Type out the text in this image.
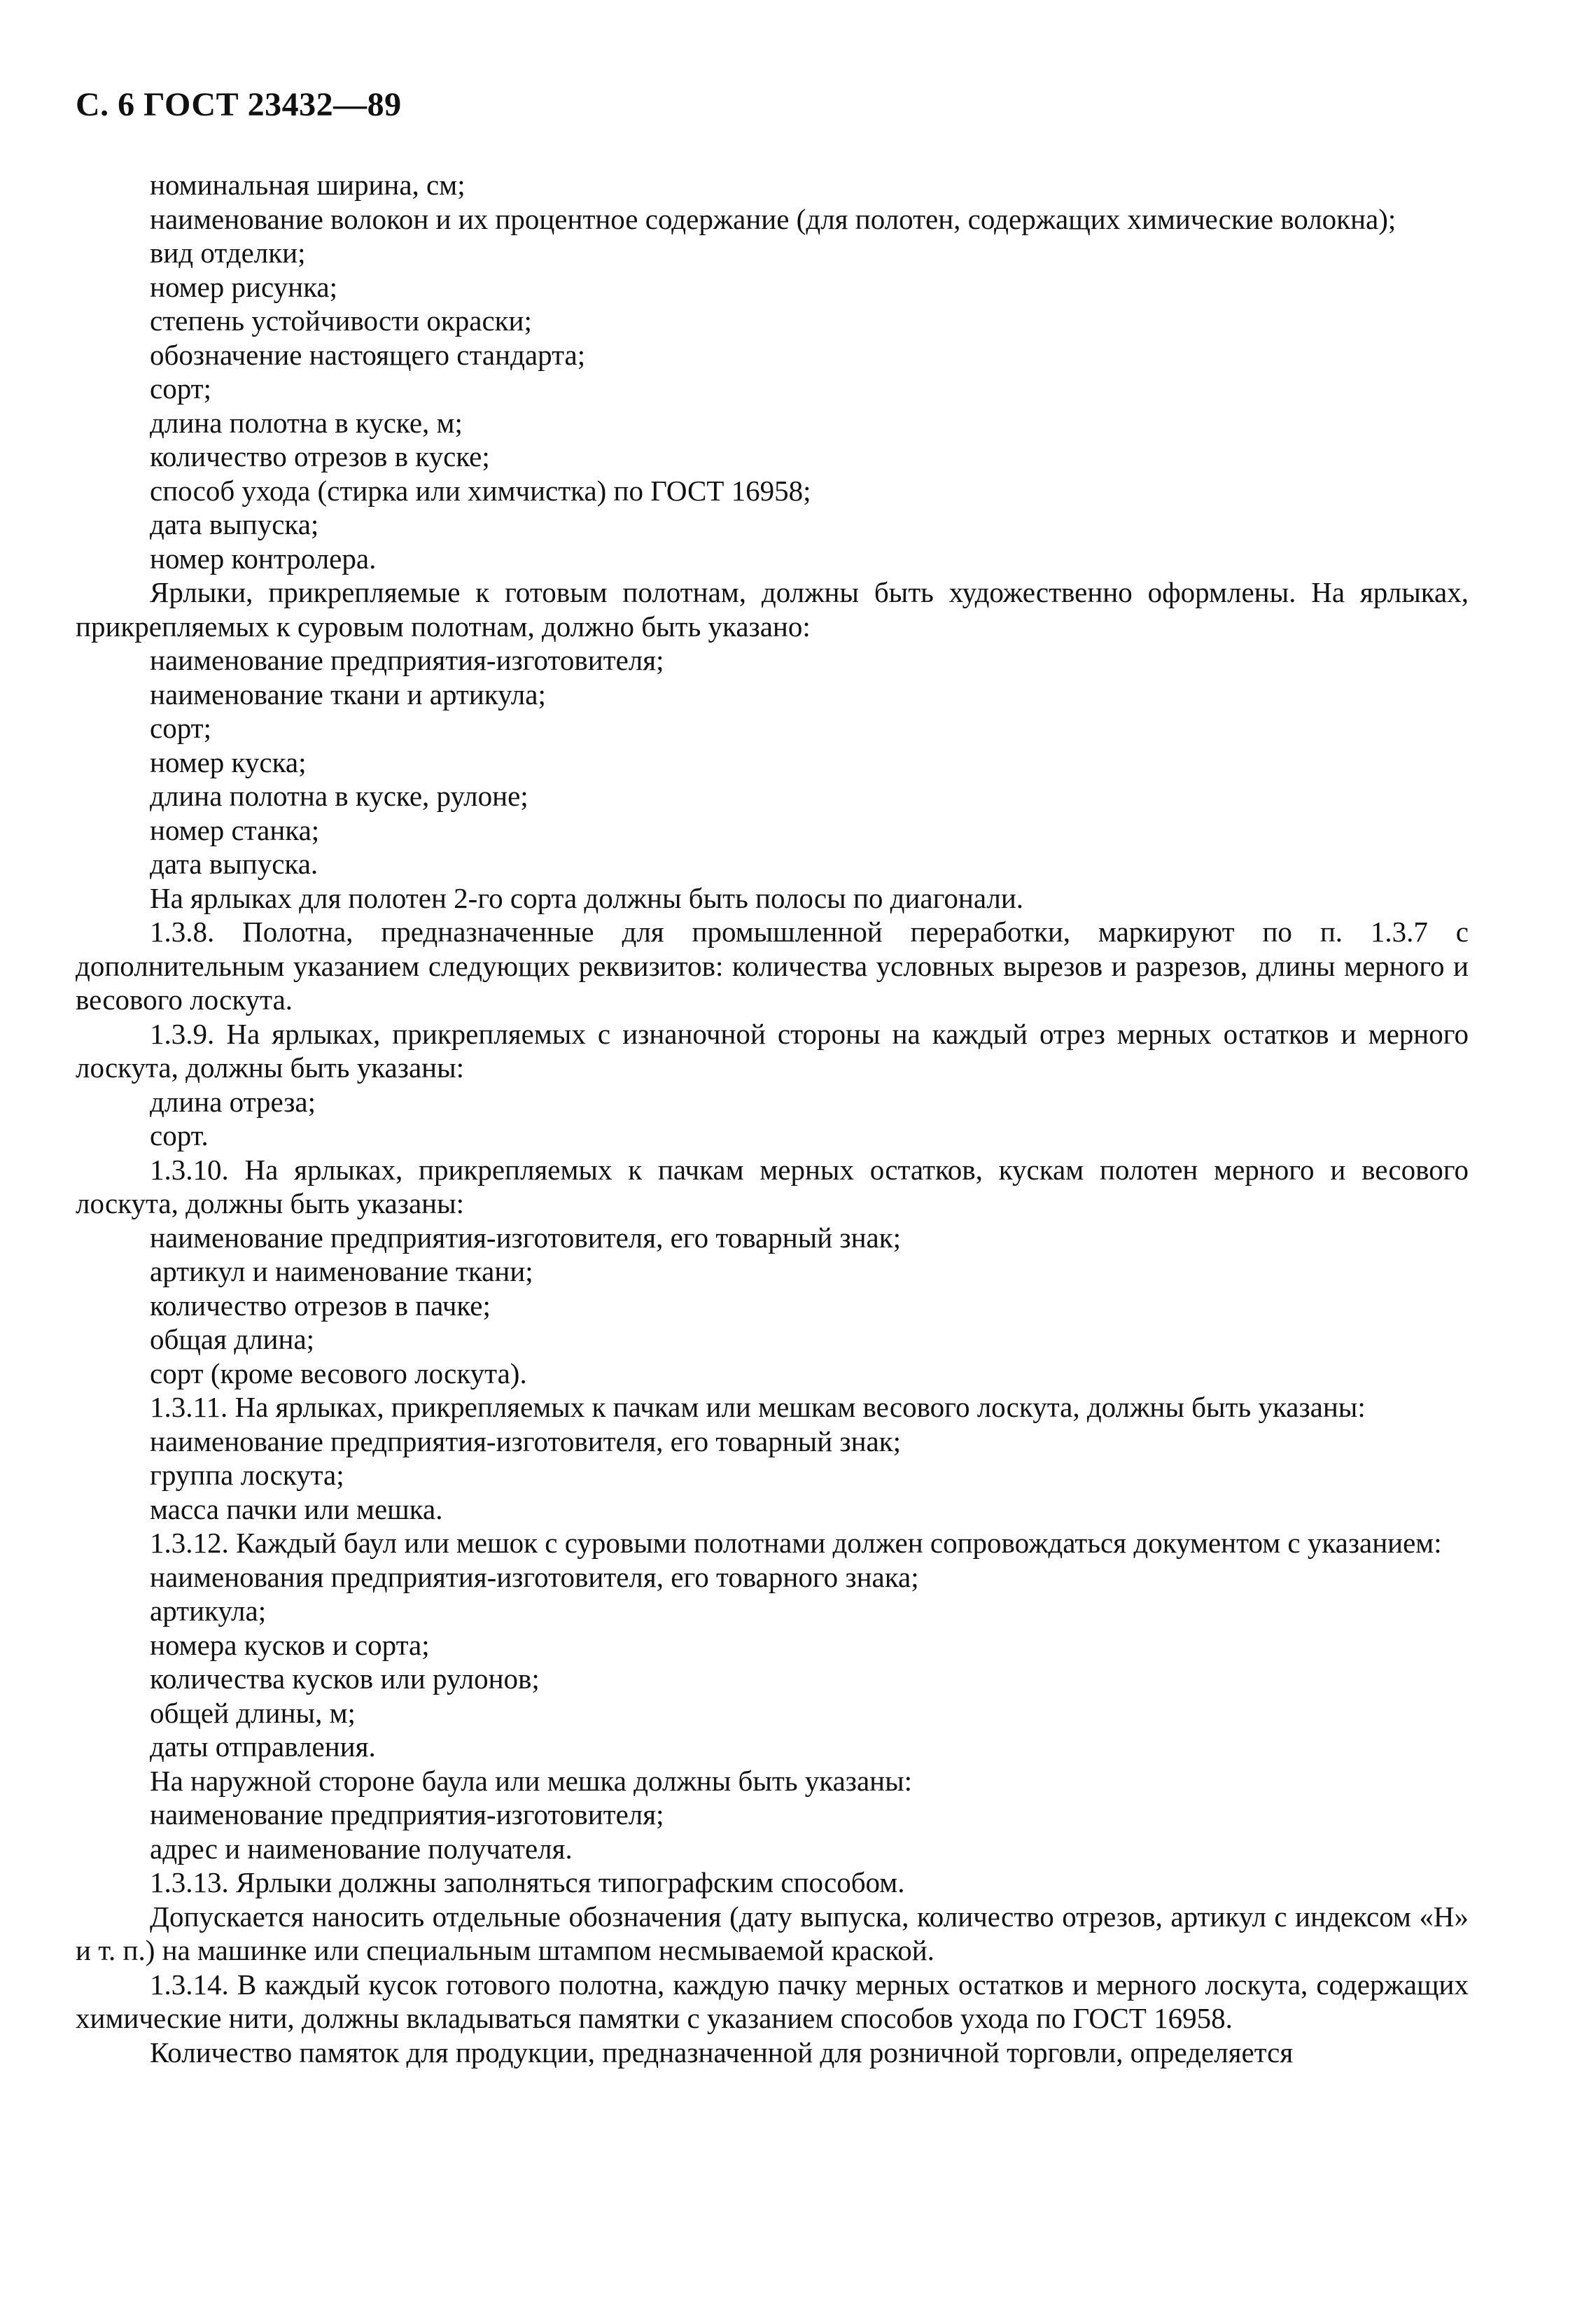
С. 6 ГОСТ 23432—89

номинальная ширина, см;

наименование волокон и их процентное содержание (для полотен, содержащих химические волокна);

вид отделки;

номер рисунка;

степень устойчивости окраски;

обозначение настоящего стандарта;

сорт;

длина полотна в куске, м;

количество отрезов в куске;

способ ухода (стирка или химчистка) по ГОСТ 16958;

дата выпуска;

номер контролера.

Ярлыки, прикрепляемые к готовым полотнам, должны быть художественно оформлены. На ярлыках, прикрепляемых к суровым полотнам, должно быть указано:

наименование предприятия-изготовителя;

наименование ткани и артикула;

сорт;

номер куска;

длина полотна в куске, рулоне;

номер станка;

дата выпуска.

На ярлыках для полотен 2-го сорта должны быть полосы по диагонали.

1.3.8. Полотна, предназначенные для промышленной переработки, маркируют по п. 1.3.7 с дополнительным указанием следующих реквизитов: количества условных вырезов и разрезов, длины мерного и весового лоскута.

1.3.9. На ярлыках, прикрепляемых с изнаночной стороны на каждый отрез мерных остатков и мерного лоскута, должны быть указаны:

длина отреза;

сорт.

1.3.10. На ярлыках, прикрепляемых к пачкам мерных остатков, кускам полотен мерного и весового лоскута, должны быть указаны:

наименование предприятия-изготовителя, его товарный знак;

артикул и наименование ткани;

количество отрезов в пачке;

общая длина;

сорт (кроме весового лоскута).

1.3.11. На ярлыках, прикрепляемых к пачкам или мешкам весового лоскута, должны быть указаны:

наименование предприятия-изготовителя, его товарный знак;

группа лоскута;

масса пачки или мешка.

1.3.12. Каждый баул или мешок с суровыми полотнами должен сопровождаться документом с указанием:

наименования предприятия-изготовителя, его товарного знака;

артикула;

номера кусков и сорта;

количества кусков или рулонов;

общей длины, м;

даты отправления.

На наружной стороне баула или мешка должны быть указаны:

наименование предприятия-изготовителя;

адрес и наименование получателя.

1.3.13. Ярлыки должны заполняться типографским способом.

Допускается наносить отдельные обозначения (дату выпуска, количество отрезов, артикул с индексом «Н» и т. п.) на машинке или специальным штампом несмываемой краской.

1.3.14. В каждый кусок готового полотна, каждую пачку мерных остатков и мерного лоскута, содержащих химические нити, должны вкладываться памятки с указанием способов ухода по ГОСТ 16958.

Количество памяток для продукции, предназначенной для розничной торговли, определяется
